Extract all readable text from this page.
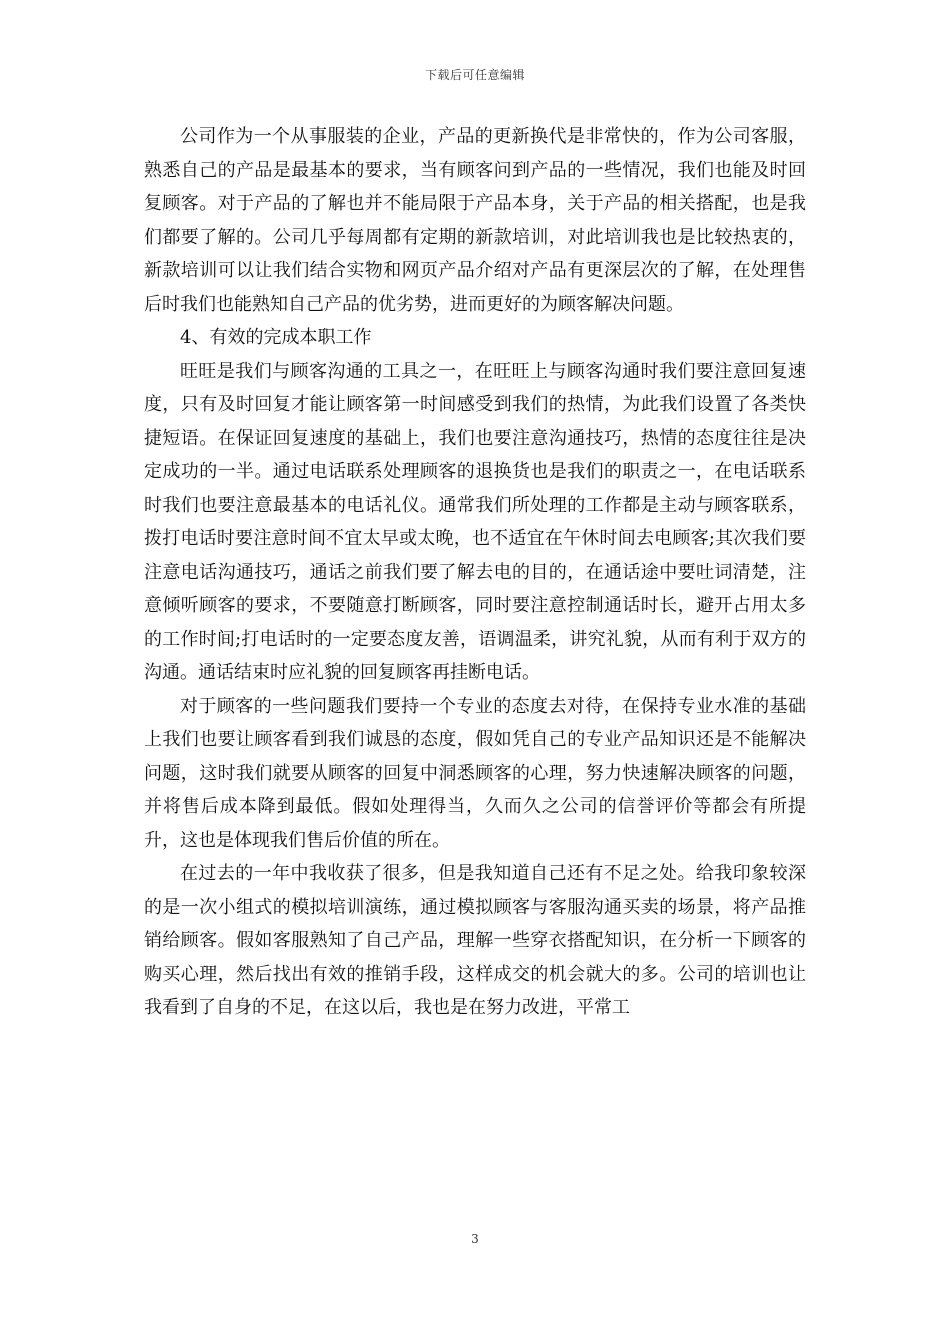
下载后可任意编辑

公司作为一个从事服装的企业，产品的更新换代是非常快的，作为公司客服，熟悉自己的产品是最基本的要求，当有顾客问到产品的一些情况，我们也能及时回复顾客。对于产品的了解也并不能局限于产品本身，关于产品的相关搭配，也是我们都要了解的。公司几乎每周都有定期的新款培训，对此培训我也是比较热衷的，新款培训可以让我们结合实物和网页产品介绍对产品有更深层次的了解，在处理售后时我们也能熟知自己产品的优劣势，进而更好的为顾客解决问题。

4、有效的完成本职工作

旺旺是我们与顾客沟通的工具之一，在旺旺上与顾客沟通时我们要注意回复速度，只有及时回复才能让顾客第一时间感受到我们的热情，为此我们设置了各类快捷短语。在保证回复速度的基础上，我们也要注意沟通技巧，热情的态度往往是决定成功的一半。通过电话联系处理顾客的退换货也是我们的职责之一，在电话联系时我们也要注意最基本的电话礼仪。通常我们所处理的工作都是主动与顾客联系，拨打电话时要注意时间不宜太早或太晚，也不适宜在午休时间去电顾客;其次我们要注意电话沟通技巧，通话之前我们要了解去电的目的，在通话途中要吐词清楚，注意倾听顾客的要求，不要随意打断顾客，同时要注意控制通话时长，避开占用太多的工作时间;打电话时的一定要态度友善，语调温柔，讲究礼貌，从而有利于双方的沟通。通话结束时应礼貌的回复顾客再挂断电话。

对于顾客的一些问题我们要持一个专业的态度去对待，在保持专业水准的基础上我们也要让顾客看到我们诚恳的态度，假如凭自己的专业产品知识还是不能解决问题，这时我们就要从顾客的回复中洞悉顾客的心理，努力快速解决顾客的问题，并将售后成本降到最低。假如处理得当，久而久之公司的信誉评价等都会有所提升，这也是体现我们售后价值的所在。

在过去的一年中我收获了很多，但是我知道自己还有不足之处。给我印象较深的是一次小组式的模拟培训演练，通过模拟顾客与客服沟通买卖的场景，将产品推销给顾客。假如客服熟知了自己产品，理解一些穿衣搭配知识，在分析一下顾客的购买心理，然后找出有效的推销手段，这样成交的机会就大的多。公司的培训也让我看到了自身的不足，在这以后，我也是在努力改进，平常工

3
